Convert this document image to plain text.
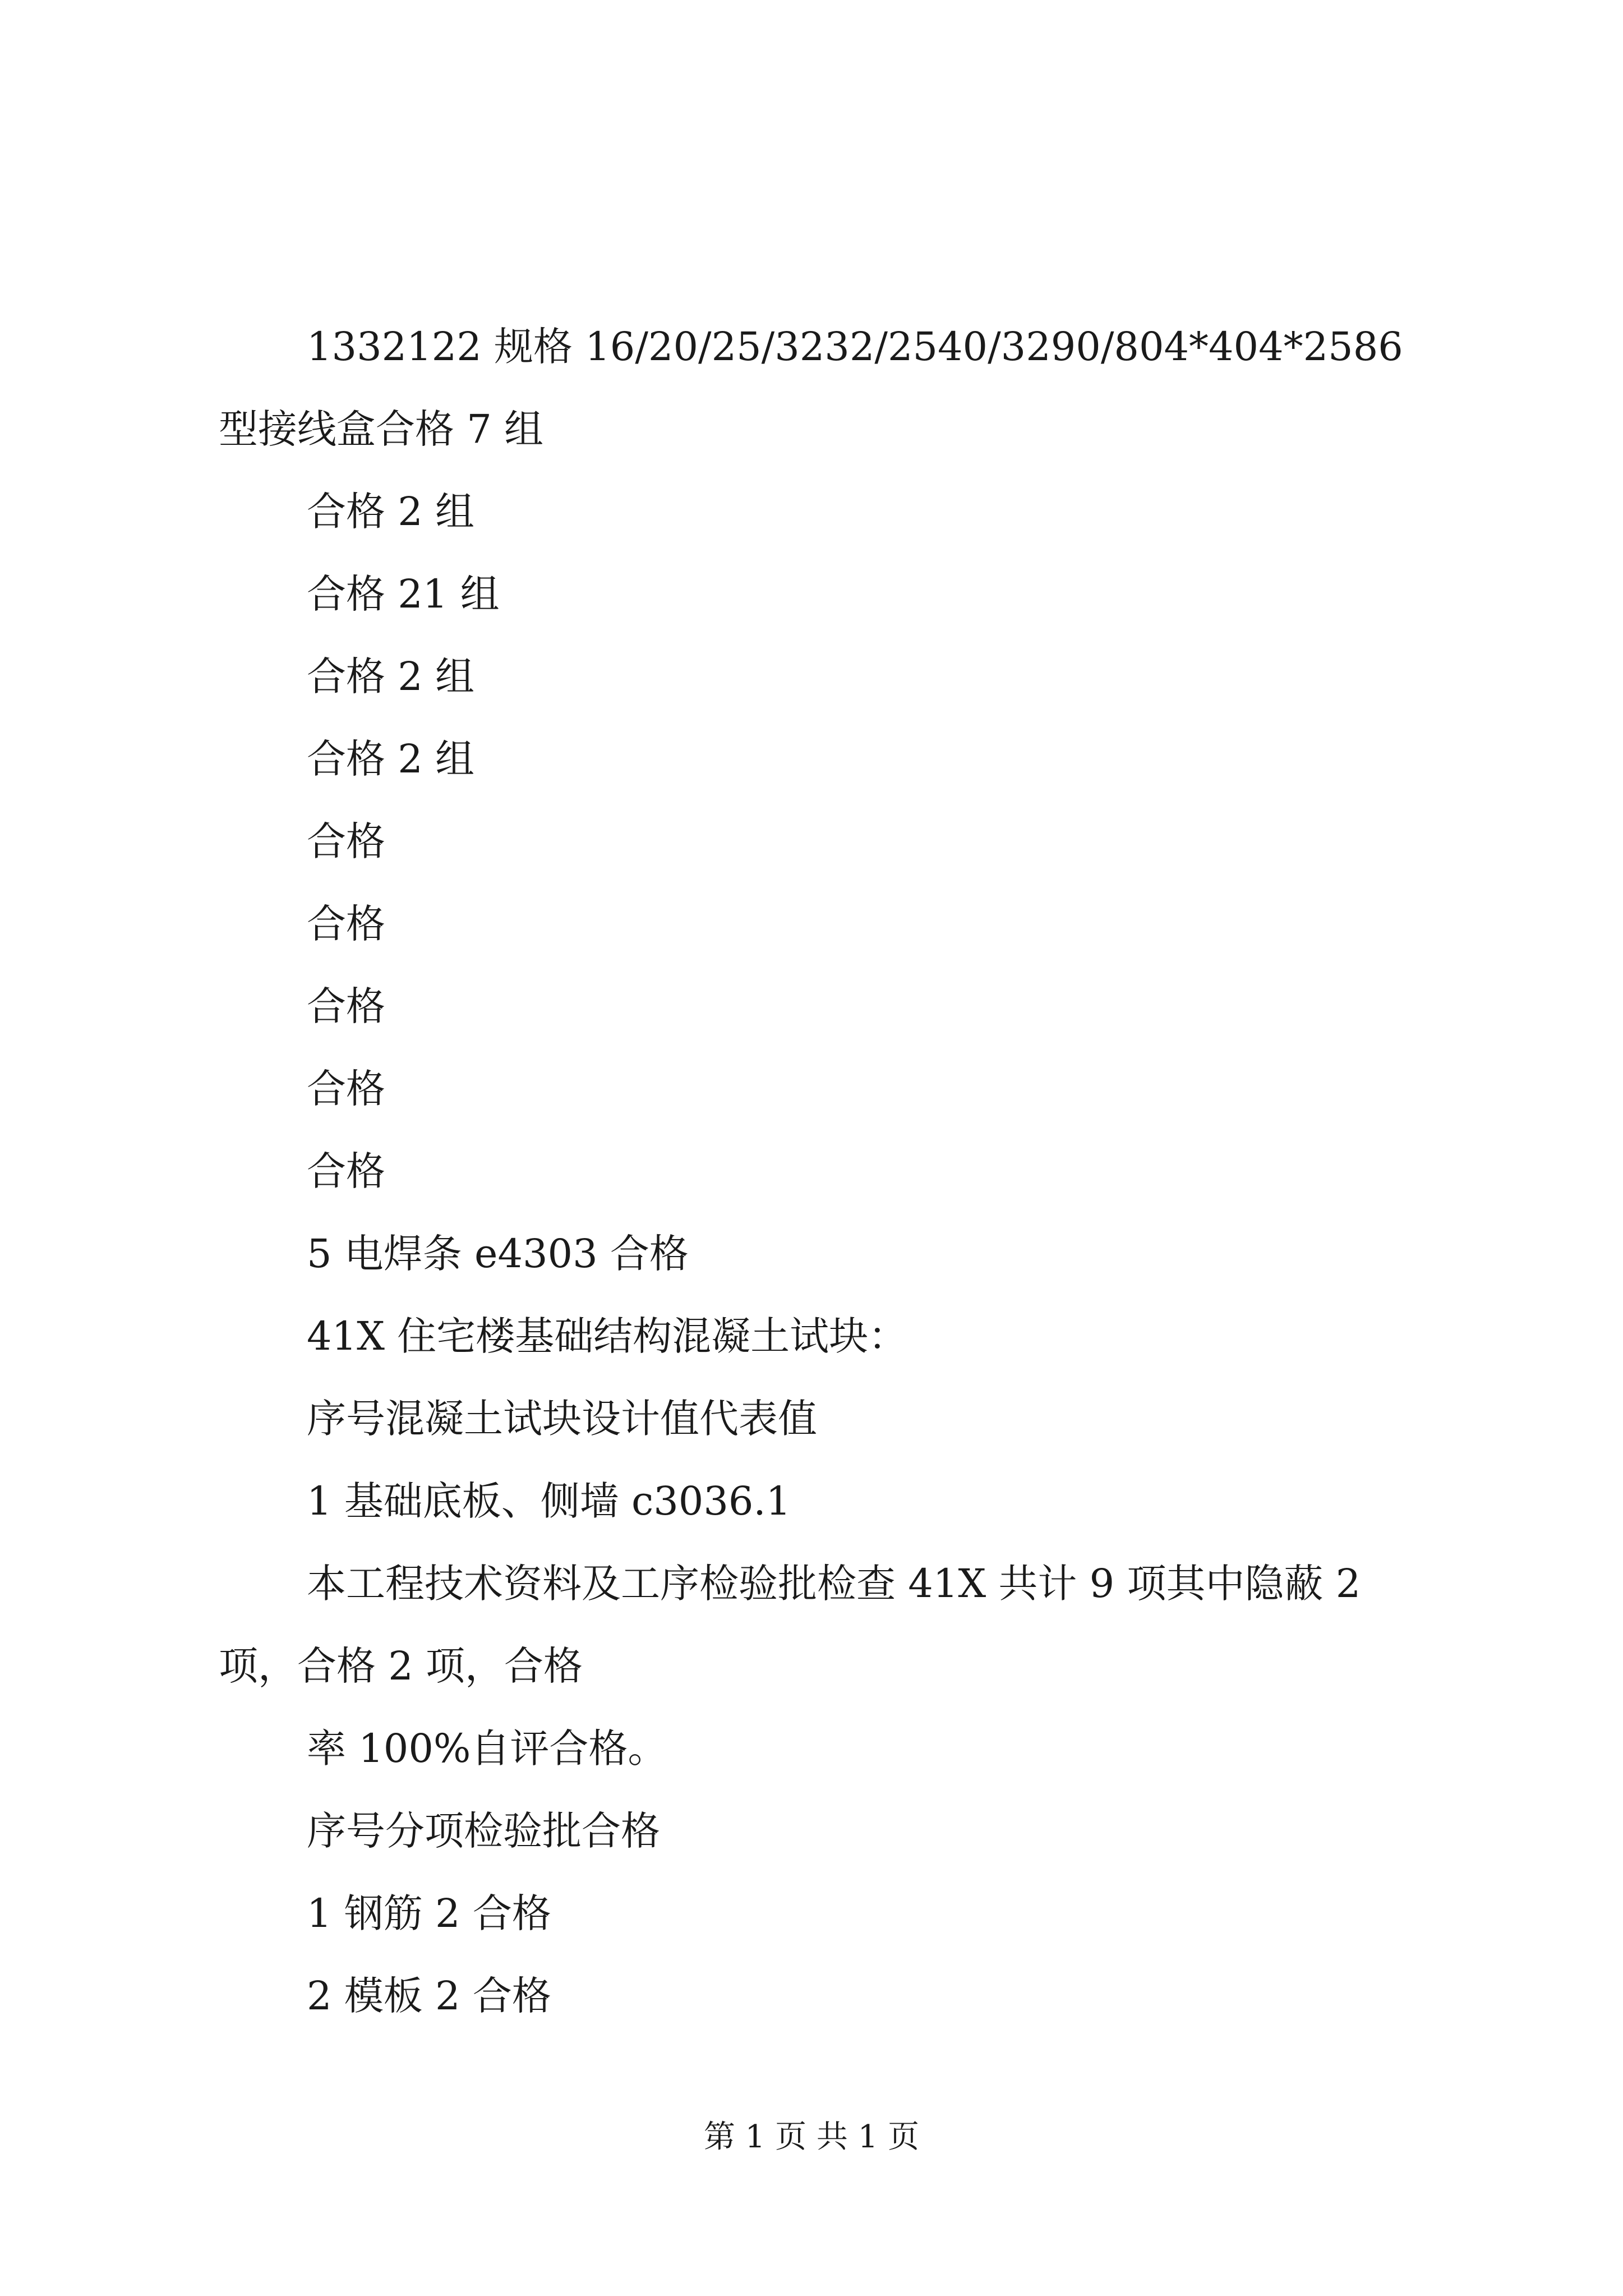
1332122 规格 16/20/25/3232/2540/3290/804*404*2586 型接线盒合格 7 组

合格 2 组

合格 21 组

合格 2 组

合格 2 组

合格

合格

合格

合格

合格

5 电焊条 e4303 合格

41X 住宅楼基础结构混凝土试块：

序号混凝土试块设计值代表值

1 基础底板、侧墙 c3036.1

本工程技术资料及工序检验批检查 41X 共计 9 项其中隐蔽 2 项，合格 2 项，合格

率 100%自评合格。

序号分项检验批合格

1 钢筋 2 合格

2 模板 2 合格

第 1 页 共 1 页
